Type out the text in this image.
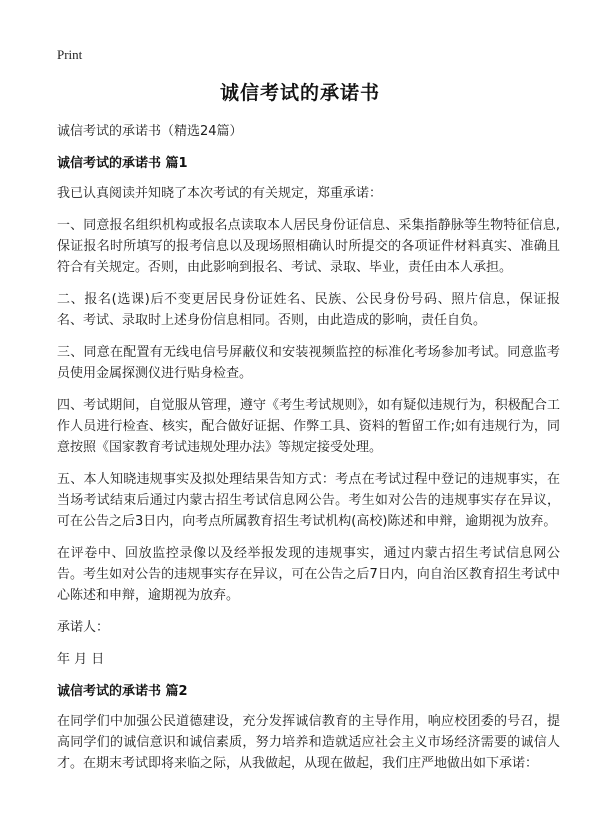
Print
诚信考试的承诺书

诚信考试的承诺书（精选24篇）

诚信考试的承诺书 篇1

我已认真阅读并知晓了本次考试的有关规定，郑重承诺：

一、同意报名组织机构或报名点读取本人居民身份证信息、采集指静脉等生物特征信息,保证报名时所填写的报考信息以及现场照相确认时所提交的各项证件材料真实、准确且符合有关规定。否则，由此影响到报名、考试、录取、毕业，责任由本人承担。

二、报名(选课)后不变更居民身份证姓名、民族、公民身份号码、照片信息，保证报名、考试、录取时上述身份信息相同。否则，由此造成的影响，责任自负。

三、同意在配置有无线电信号屏蔽仪和安装视频监控的标准化考场参加考试。同意监考员使用金属探测仪进行贴身检查。

四、考试期间，自觉服从管理，遵守《考生考试规则》，如有疑似违规行为，积极配合工作人员进行检查、核实，配合做好证据、作弊工具、资料的暂留工作;如有违规行为，同意按照《国家教育考试违规处理办法》等规定接受处理。

五、本人知晓违规事实及拟处理结果告知方式：考点在考试过程中登记的违规事实，在当场考试结束后通过内蒙古招生考试信息网公告。考生如对公告的违规事实存在异议，可在公告之后3日内，向考点所属教育招生考试机构(高校)陈述和申辩，逾期视为放弃。

在评卷中、回放监控录像以及经举报发现的违规事实，通过内蒙古招生考试信息网公告。考生如对公告的违规事实存在异议，可在公告之后7日内，向自治区教育招生考试中心陈述和申辩，逾期视为放弃。

承诺人：

年 月 日

诚信考试的承诺书 篇2

在同学们中加强公民道德建设，充分发挥诚信教育的主导作用，响应校团委的号召，提高同学们的诚信意识和诚信素质，努力培养和造就适应社会主义市场经济需要的诚信人才。在期末考试即将来临之际，从我做起，从现在做起，我们庄严地做出如下承诺：
